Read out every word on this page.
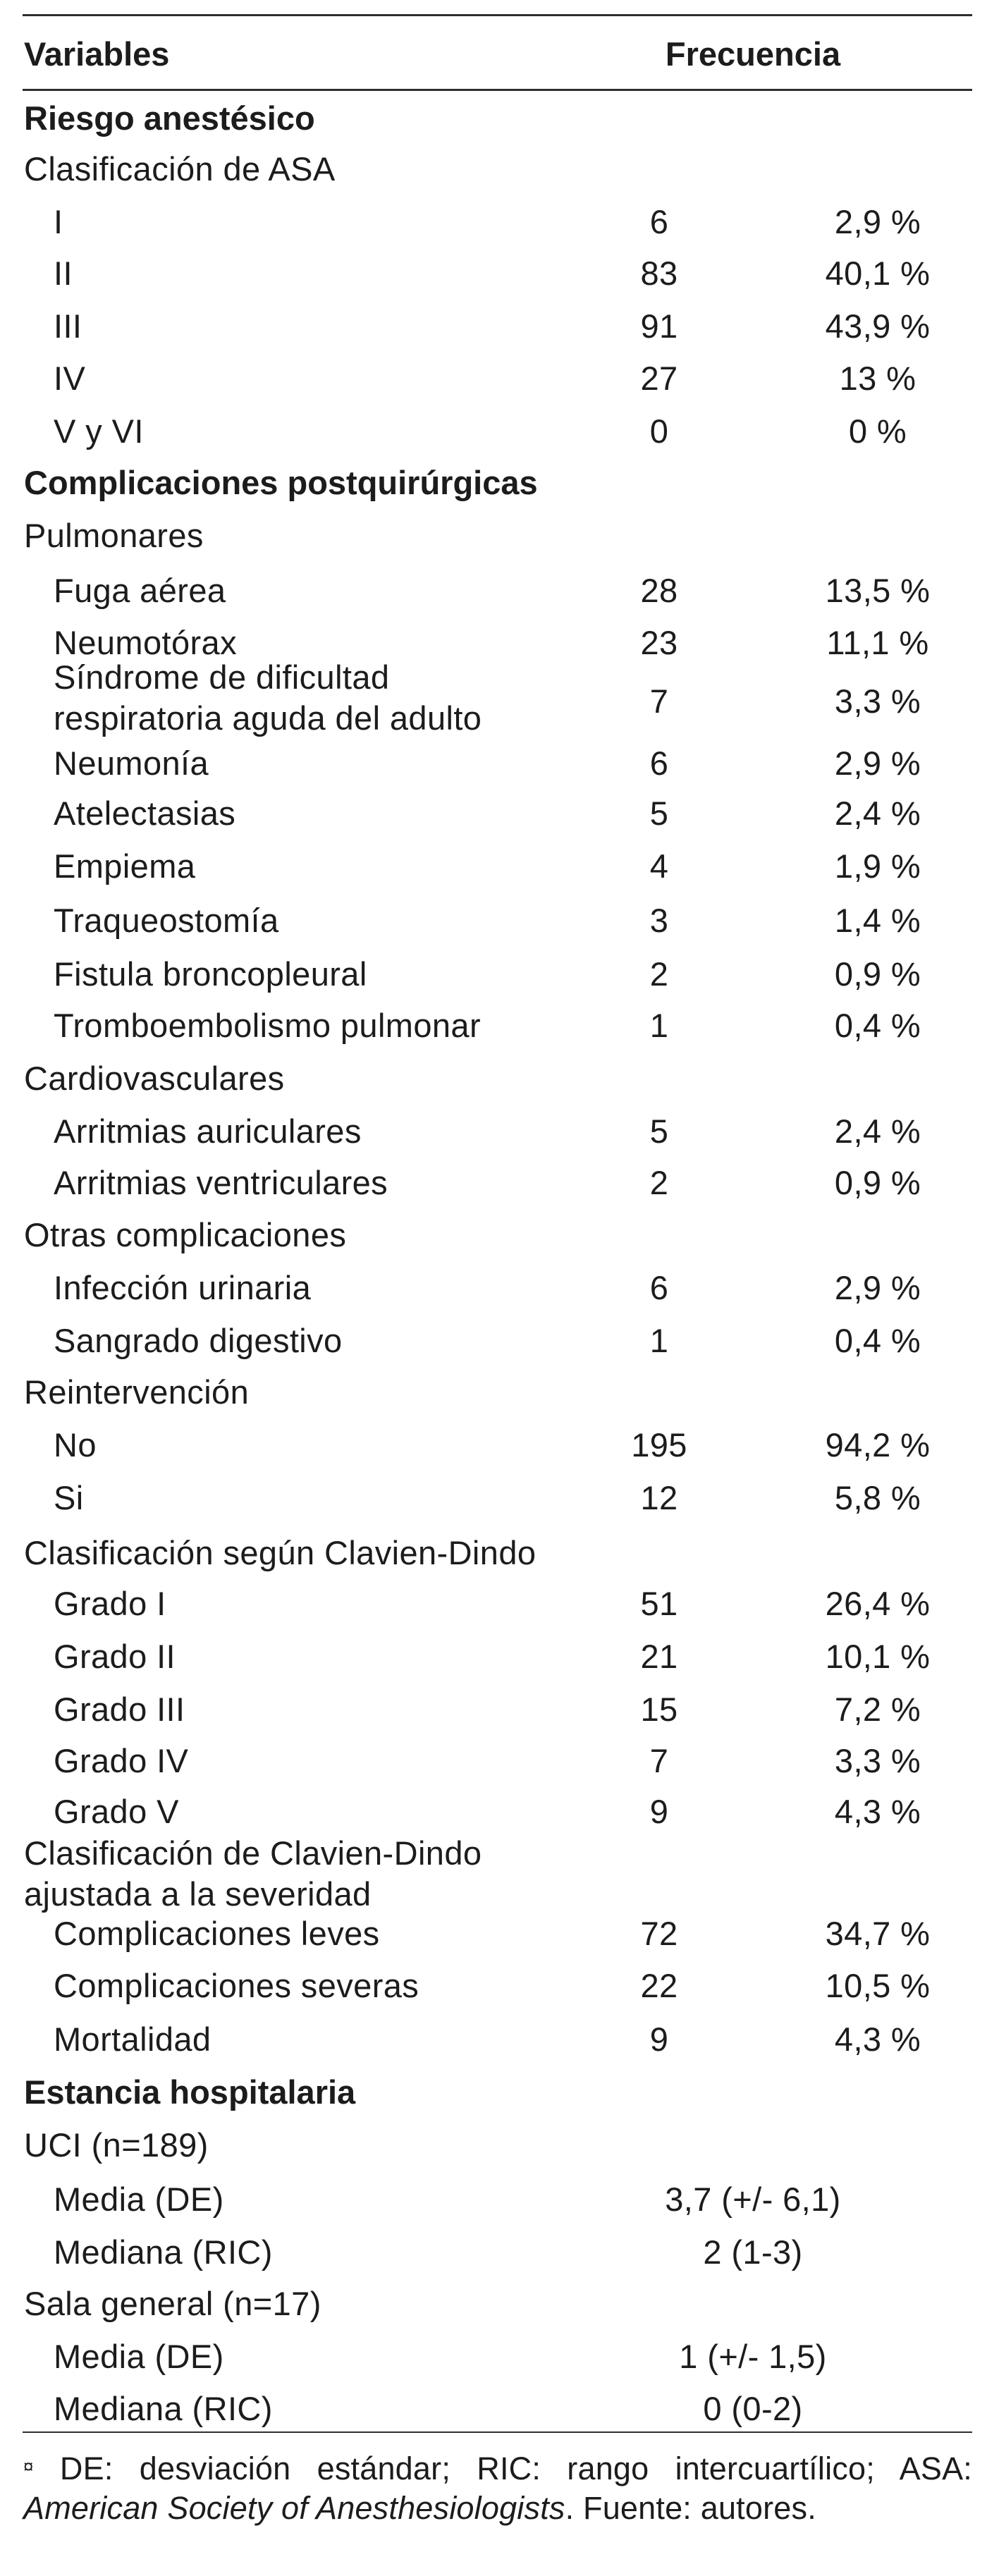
Variables	Frecuencia
Riesgo anestésico
Clasificación de ASA
I	6	2,9 %
II	83	40,1 %
III	91	43,9 %
IV	27	13 %
V y VI	0	0 %
Complicaciones postquirúrgicas
Pulmonares
Fuga aérea	28	13,5 %
Neumotórax	23	11,1 %
Síndrome de dificultad
respiratoria aguda del adulto	7	3,3 %
Neumonía	6	2,9 %
Atelectasias	5	2,4 %
Empiema	4	1,9 %
Traqueostomía	3	1,4 %
Fistula broncopleural	2	0,9 %
Tromboembolismo pulmonar	1	0,4 %
Cardiovasculares
Arritmias auriculares	5	2,4 %
Arritmias ventriculares	2	0,9 %
Otras complicaciones
Infección urinaria	6	2,9 %
Sangrado digestivo	1	0,4 %
Reintervención
No	195	94,2 %
Si	12	5,8 %
Clasificación según Clavien-Dindo
Grado I	51	26,4 %
Grado II	21	10,1 %
Grado III	15	7,2 %
Grado IV	7	3,3 %
Grado V	9	4,3 %
Clasificación de Clavien-Dindo
ajustada a la severidad
Complicaciones leves	72	34,7 %
Complicaciones severas	22	10,5 %
Mortalidad	9	4,3 %
Estancia hospitalaria
UCI (n=189)
Media (DE)	3,7 (+/- 6,1)
Mediana (RIC)	2 (1-3)
Sala general (n=17)
Media (DE)	1 (+/- 1,5)
Mediana (RIC)	0 (0-2)
¤ DE: desviación estándar; RIC: rango intercuartílico; ASA:
American Society of Anesthesiologists. Fuente: autores.
